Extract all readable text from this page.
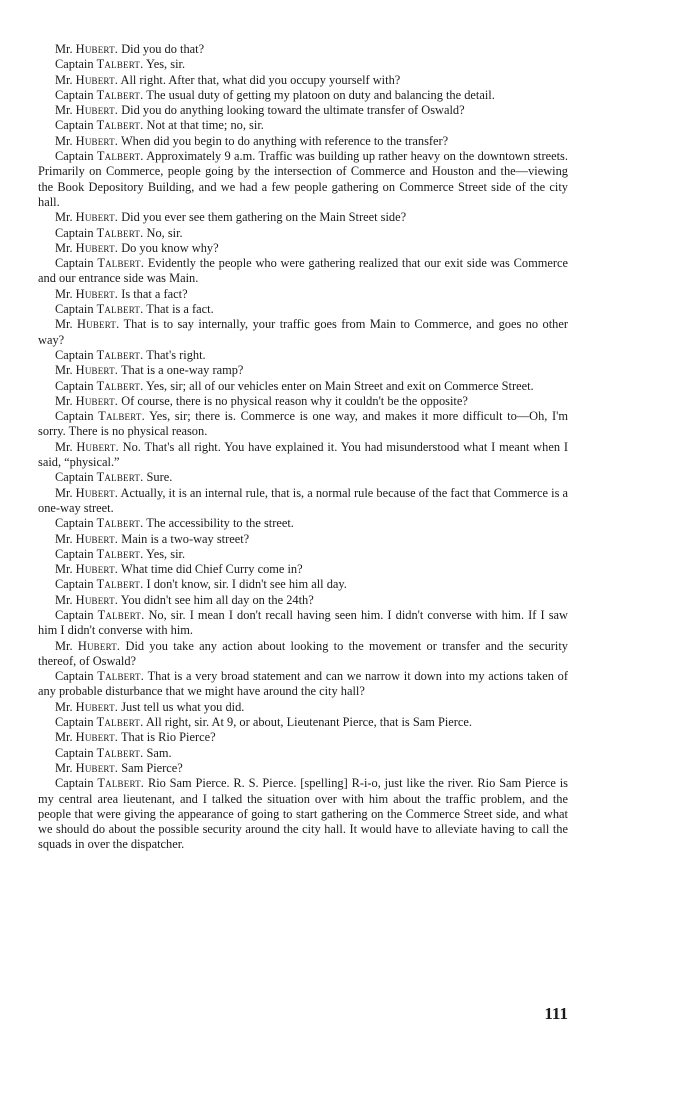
Mr. Hubert. Did you do that?

Captain Talbert. Yes, sir.

Mr. Hubert. All right. After that, what did you occupy yourself with?

Captain Talbert. The usual duty of getting my platoon on duty and balancing the detail.

Mr. Hubert. Did you do anything looking toward the ultimate transfer of Oswald?

Captain Talbert. Not at that time; no, sir.

Mr. Hubert. When did you begin to do anything with reference to the transfer?

Captain Talbert. Approximately 9 a.m. Traffic was building up rather heavy on the downtown streets. Primarily on Commerce, people going by the intersection of Commerce and Houston and the—viewing the Book Depository Building, and we had a few people gathering on Commerce Street side of the city hall.

Mr. Hubert. Did you ever see them gathering on the Main Street side?

Captain Talbert. No, sir.

Mr. Hubert. Do you know why?

Captain Talbert. Evidently the people who were gathering realized that our exit side was Commerce and our entrance side was Main.

Mr. Hubert. Is that a fact?

Captain Talbert. That is a fact.

Mr. Hubert. That is to say internally, your traffic goes from Main to Commerce, and goes no other way?

Captain Talbert. That's right.

Mr. Hubert. That is a one-way ramp?

Captain Talbert. Yes, sir; all of our vehicles enter on Main Street and exit on Commerce Street.

Mr. Hubert. Of course, there is no physical reason why it couldn't be the opposite?

Captain Talbert. Yes, sir; there is. Commerce is one way, and makes it more difficult to—Oh, I'm sorry. There is no physical reason.

Mr. Hubert. No. That's all right. You have explained it. You had misunderstood what I meant when I said, “physical.”

Captain Talbert. Sure.

Mr. Hubert. Actually, it is an internal rule, that is, a normal rule because of the fact that Commerce is a one-way street.

Captain Talbert. The accessibility to the street.

Mr. Hubert. Main is a two-way street?

Captain Talbert. Yes, sir.

Mr. Hubert. What time did Chief Curry come in?

Captain Talbert. I don't know, sir. I didn't see him all day.

Mr. Hubert. You didn't see him all day on the 24th?

Captain Talbert. No, sir. I mean I don't recall having seen him. I didn't converse with him. If I saw him I didn't converse with him.

Mr. Hubert. Did you take any action about looking to the movement or transfer and the security thereof, of Oswald?

Captain Talbert. That is a very broad statement and can we narrow it down into my actions taken of any probable disturbance that we might have around the city hall?

Mr. Hubert. Just tell us what you did.

Captain Talbert. All right, sir. At 9, or about, Lieutenant Pierce, that is Sam Pierce.

Mr. Hubert. That is Rio Pierce?

Captain Talbert. Sam.

Mr. Hubert. Sam Pierce?

Captain Talbert. Rio Sam Pierce. R. S. Pierce. [spelling] R-i-o, just like the river. Rio Sam Pierce is my central area lieutenant, and I talked the situation over with him about the traffic problem, and the people that were giving the appearance of going to start gathering on the Commerce Street side, and what we should do about the possible security around the city hall. It would have to alleviate having to call the squads in over the dispatcher.

111
